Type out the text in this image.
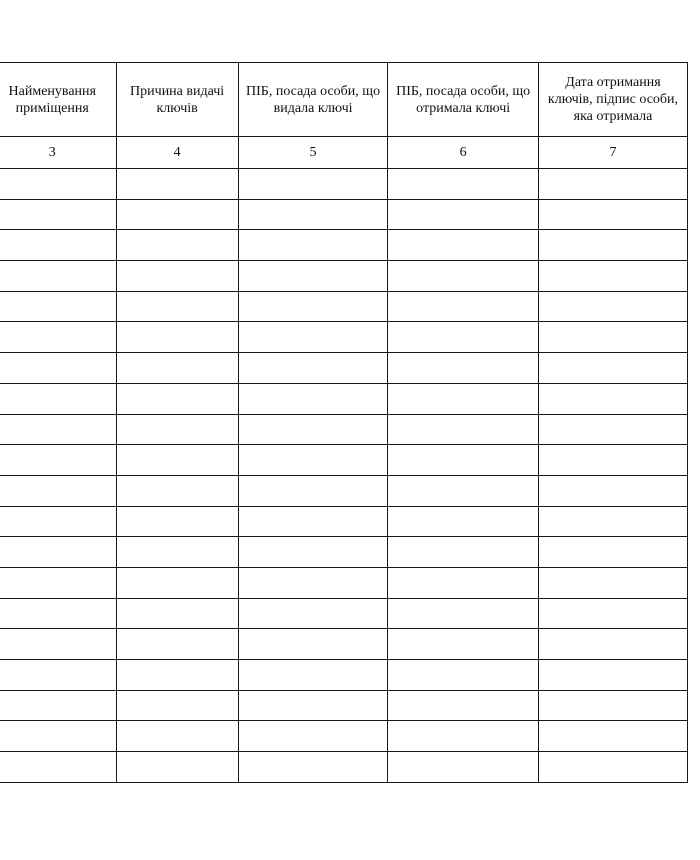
Найменування приміщення	Причина видачі ключів	ПІБ, посада особи, що видала ключі	ПІБ, посада особи, що отримала ключі	Дата отримання ключів, підпис особи, яка отримала

3	4	5	6	7
